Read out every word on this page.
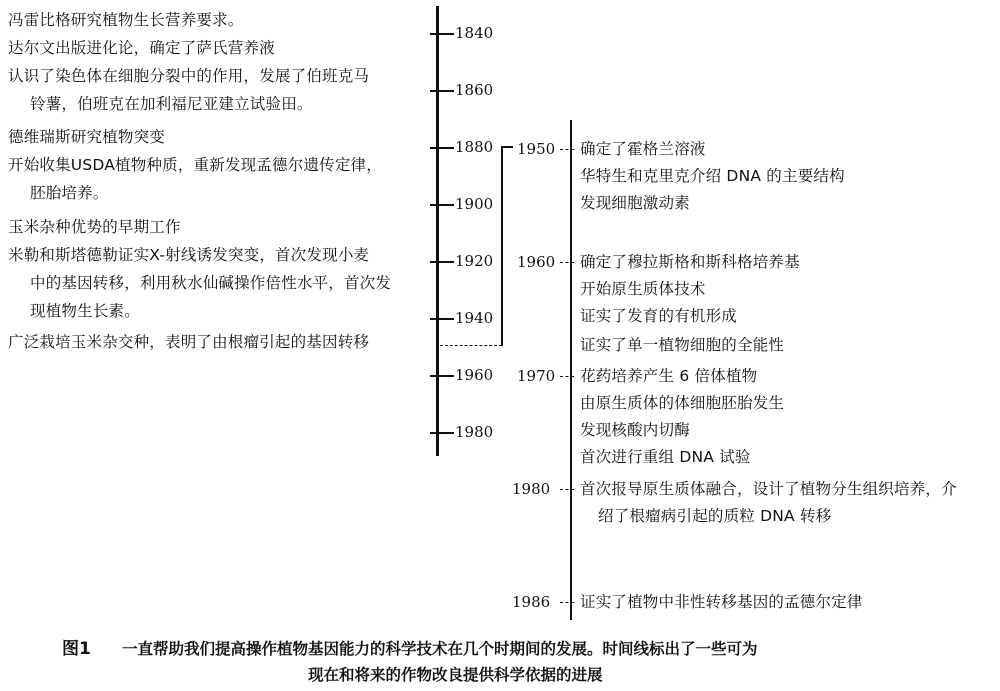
1840
1860
1880
1900
1920
1940
1960
1980
冯雷比格研究植物生长营养要求。
达尔文出版进化论，确定了萨氏营养液
认识了染色体在细胞分裂中的作用，发展了伯班克马
铃薯，伯班克在加利福尼亚建立试验田。
德维瑞斯研究植物突变
开始收集USDA植物种质，重新发现孟德尔遗传定律，
胚胎培养。
玉米杂种优势的早期工作
米勒和斯塔德勒证实X-射线诱发突变，首次发现小麦
中的基因转移，利用秋水仙碱操作倍性水平，首次发
现植物生长素。
广泛栽培玉米杂交种，表明了由根瘤引起的基因转移
1950
1960
1970
1980
1986
确定了霍格兰溶液
华特生和克里克介绍 DNA 的主要结构
发现细胞激动素
确定了穆拉斯格和斯科格培养基
开始原生质体技术
证实了发育的有机形成
证实了单一植物细胞的全能性
花药培养产生 6 倍体植物
由原生质体的体细胞胚胎发生
发现核酸内切酶
首次进行重组 DNA 试验
首次报导原生质体融合，设计了植物分生组织培养，介
绍了根瘤病引起的质粒 DNA 转移
证实了植物中非性转移基因的孟德尔定律
图1 一直帮助我们提高操作植物基因能力的科学技术在几个时期间的发展。时间线标出了一些可为
现在和将来的作物改良提供科学依据的进展
